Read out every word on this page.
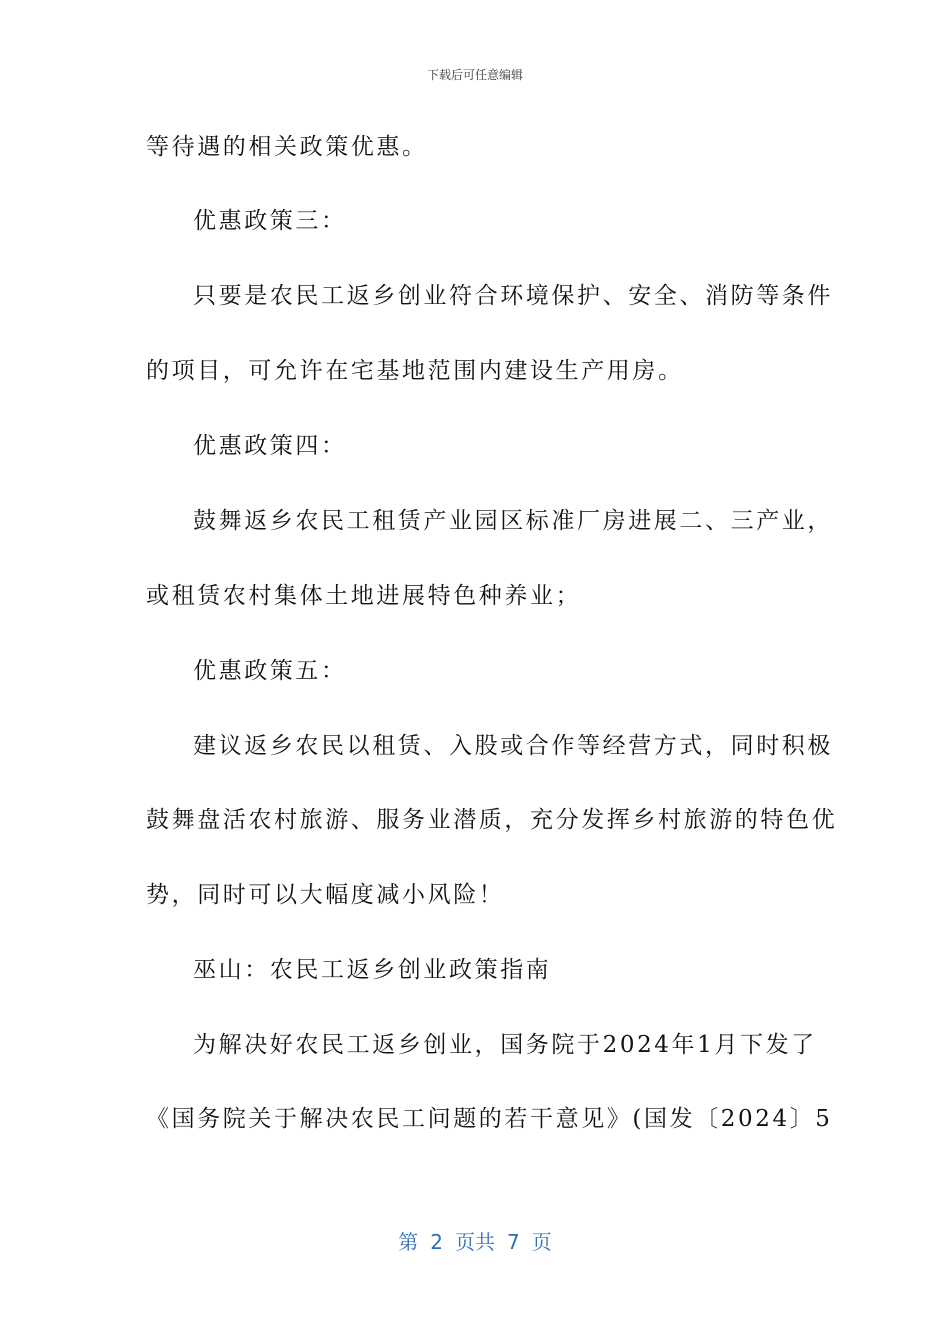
下载后可任意编辑
等待遇的相关政策优惠。
优惠政策三：
只要是农民工返乡创业符合环境保护、安全、消防等条件
的项目，可允许在宅基地范围内建设生产用房。
优惠政策四：
鼓舞返乡农民工租赁产业园区标准厂房进展二、三产业，
或租赁农村集体土地进展特色种养业；
优惠政策五：
建议返乡农民以租赁、入股或合作等经营方式，同时积极
鼓舞盘活农村旅游、服务业潜质，充分发挥乡村旅游的特色优
势，同时可以大幅度减小风险！
巫山：农民工返乡创业政策指南
为解决好农民工返乡创业，国务院于2024年1月下发了
《国务院关于解决农民工问题的若干意见》(国发〔2024〕5
第 2 页共 7 页
